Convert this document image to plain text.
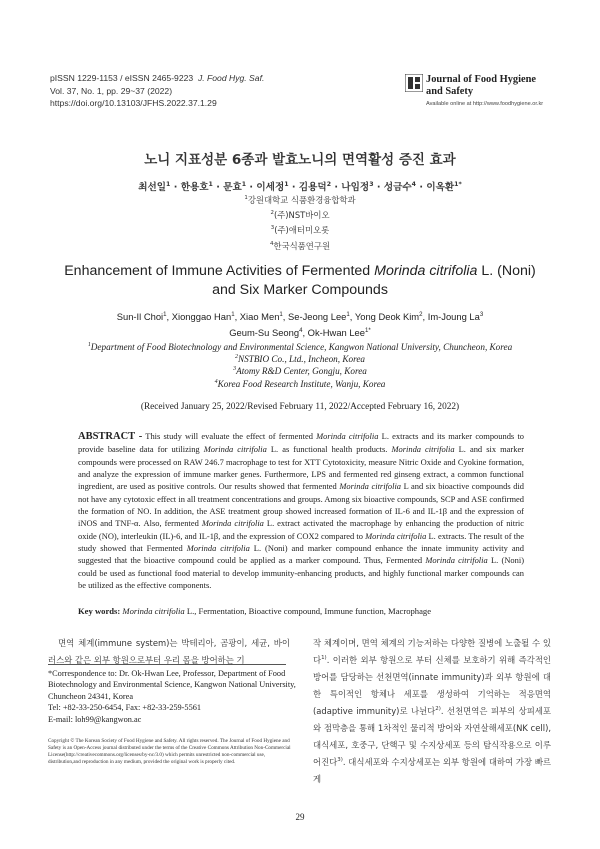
pISSN 1229-1153 / eISSN 2465-9223 J. Food Hyg. Saf.
Vol. 37, No. 1, pp. 29~37 (2022)
https://doi.org/10.13103/JFHS.2022.37.1.29
Journal of Food Hygiene
and Safety
Available online at http://www.foodhygiene.or.kr
노니 지표성분 6종과 발효노니의 면역활성 증진 효과
최선일$^1$ · 한용호$^1$ · 문효$^1$ · 이세정$^1$ · 김용덕$^2$ · 나임정$^3$ · 성금수$^4$ · 이옥환$^{1*}$
$^1$강원대학교 식품환경융합학과
$^2$(주)NST바이오
$^3$(주)애터미오롯
$^4$한국식품연구원
Enhancement of Immune Activities of Fermented Morinda citrifolia L. (Noni)
and Six Marker Compounds
Sun-Il Choi$^1$, Xionggao Han$^1$, Xiao Men$^1$, Se-Jeong Lee$^1$, Yong Deok Kim$^2$, Im-Joung La$^3$
Geum-Su Seong$^4$, Ok-Hwan Lee$^{1*}$
$^1$Department of Food Biotechnology and Environmental Science, Kangwon National University, Chuncheon, Korea
$^2$NSTBIO Co., Ltd., Incheon, Korea
$^3$Atomy R&D Center, Gongju, Korea
$^4$Korea Food Research Institute, Wanju, Korea
(Received January 25, 2022/Revised February 11, 2022/Accepted February 16, 2022)
ABSTRACT - This study will evaluate the effect of fermented Morinda citrifolia L. extracts and its marker compounds to provide baseline data for utilizing Morinda citrifolia L. as functional health products. Morinda citrifolia L. and six marker compounds were processed on RAW 246.7 macrophage to test for XTT Cytotoxicity, measure Nitric Oxide and Cyokine formation, and analyze the expression of immune marker genes. Furthermore, LPS and fermented red ginseng extract, a common functional ingredient, are used as positive controls. Our results showed that fermented Morinda citrifolia L and six bioactive compounds did not have any cytotoxic effect in all treatment concentrations and groups. Among six bioactive compounds, SCP and ASE confirmed the formation of NO. In addition, the ASE treatment group showed increased formation of IL-6 and IL-1β and the expression of iNOS and TNF-α. Also, fermented Morinda citrifolia L. extract activated the macrophage by enhancing the production of nitric oxide (NO), interleukin (IL)-6, and IL-1β, and the expression of COX2 compared to Morinda citrifolia L. extracts. The result of the study showed that Fermented Morinda citrifolia L. (Noni) and marker compound enhance the innate immunity activity and suggested that the bioactive compound could be applied as a marker compound. Thus, Fermented Morinda citrifolia L. (Noni) could be used as functional food material to develop immunity-enhancing products, and highly functional marker compounds can be utilized as the effective components.
Key words: Morinda citrifolia L., Fermentation, Bioactive compound, Immune function, Macrophage
면역 체계(immune system)는 박테리아, 곰팡이, 세균, 바이러스와 같은 외부 항원으로부터 우리 몸을 방어하는 기
작 체계이며, 면역 체계의 기능저하는 다양한 질병에 노출될 수 있다$^{1)}$. 이러한 외부 항원으로 부터 신체를 보호하기 위해 즉각적인 방어를 담당하는 선천면역(innate immunity)과 외부 항원에 대한 특이적인 항체나 세포를 생성하여 기억하는 적응면역(adaptive immunity)로 나뉜다$^{2)}$. 선천면역은 피부의 상피세포와 점막층을 통해 1차적인 물리적 방어와 자연살해세포(NK cell), 대식세포, 호중구, 단핵구 및 수지상세포 등의 탐식작용으로 이루어진다$^{3)}$. 대식세포와 수지상세포는 외부 항원에 대하여 가장 빠르게
*Correspondence to: Dr. Ok-Hwan Lee, Professor, Department of Food Biotechnology and Environmental Science, Kangwon National University, Chuncheon 24341, Korea
Tel: +82-33-250-6454, Fax: +82-33-259-5561
E-mail: loh99@kangwon.ac
Copyright © The Korean Society of Food Hygiene and Safety. All rights reserved. The Journal of Food Hygiene and Safety is an Open-Access journal distributed under the terms of the Creative Commons Attribution Non-Commercial License(http://creativecommons.org/licenses/by-nc/3.0) which permits unrestricted non-commercial use, distribution,and reproduction in any medium, provided the original work is properly cited.
29
